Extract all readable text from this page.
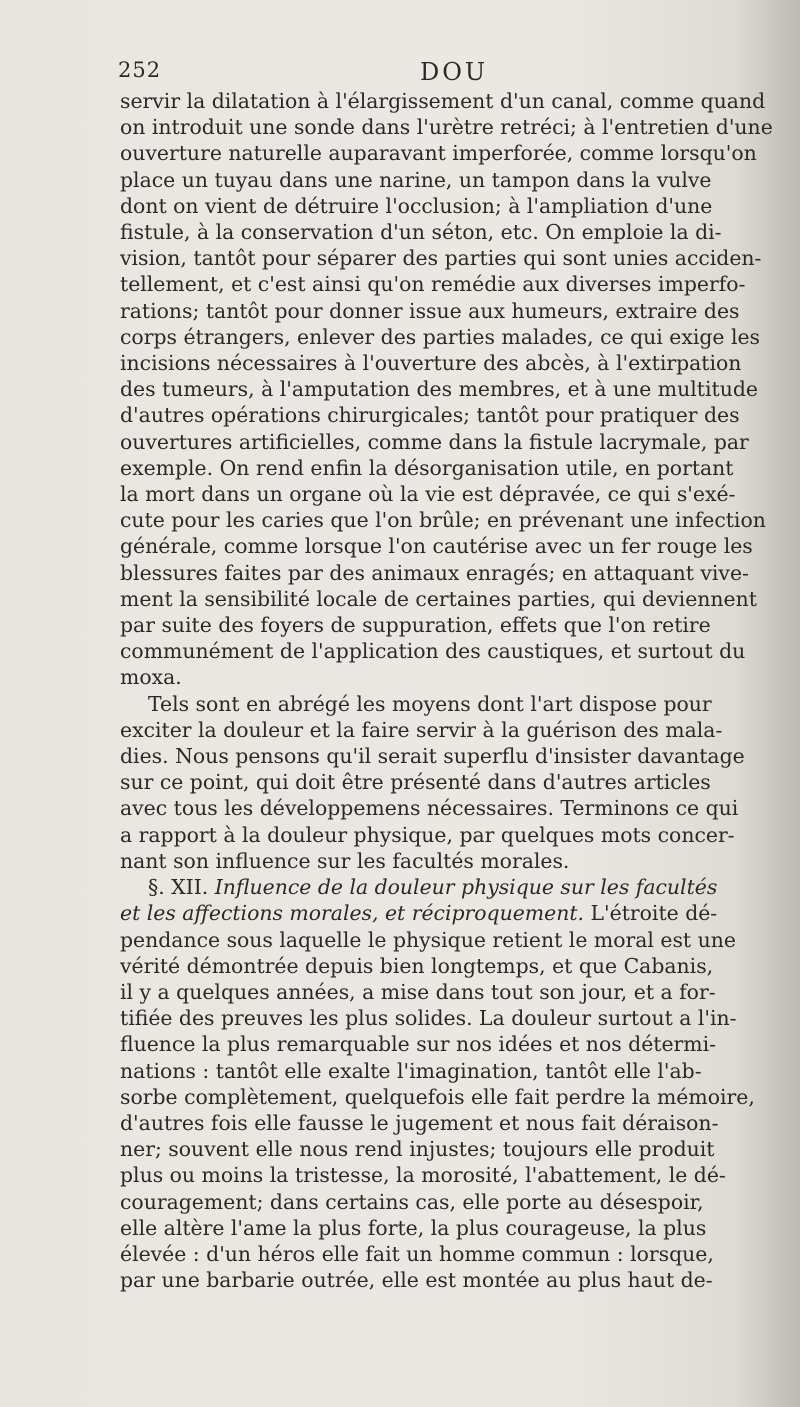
252	DOU
servir la dilatation à l'élargissement d'un canal, comme quand
on introduit une sonde dans l'urètre retréci; à l'entretien d'une
ouverture naturelle auparavant imperforée, comme lorsqu'on
place un tuyau dans une narine, un tampon dans la vulve
dont on vient de détruire l'occlusion; à l'ampliation d'une
fistule, à la conservation d'un séton, etc. On emploie la di-
vision, tantôt pour séparer des parties qui sont unies acciden-
tellement, et c'est ainsi qu'on remédie aux diverses imperfo-
rations; tantôt pour donner issue aux humeurs, extraire des
corps étrangers, enlever des parties malades, ce qui exige les
incisions nécessaires à l'ouverture des abcès, à l'extirpation
des tumeurs, à l'amputation des membres, et à une multitude
d'autres opérations chirurgicales; tantôt pour pratiquer des
ouvertures artificielles, comme dans la fistule lacrymale, par
exemple. On rend enfin la désorganisation utile, en portant
la mort dans un organe où la vie est dépravée, ce qui s'exé-
cute pour les caries que l'on brûle; en prévenant une infection
générale, comme lorsque l'on cautérise avec un fer rouge les
blessures faites par des animaux enragés; en attaquant vive-
ment la sensibilité locale de certaines parties, qui deviennent
par suite des foyers de suppuration, effets que l'on retire
communément de l'application des caustiques, et surtout du
moxa.
Tels sont en abrégé les moyens dont l'art dispose pour
exciter la douleur et la faire servir à la guérison des mala-
dies. Nous pensons qu'il serait superflu d'insister davantage
sur ce point, qui doit être présenté dans d'autres articles
avec tous les développemens nécessaires. Terminons ce qui
a rapport à la douleur physique, par quelques mots concer-
nant son influence sur les facultés morales.
§. XII. Influence de la douleur physique sur les facultés
et les affections morales, et réciproquement. L'étroite dé-
pendance sous laquelle le physique retient le moral est une
vérité démontrée depuis bien longtemps, et que Cabanis,
il y a quelques années, a mise dans tout son jour, et a for-
tifiée des preuves les plus solides. La douleur surtout a l'in-
fluence la plus remarquable sur nos idées et nos détermi-
nations : tantôt elle exalte l'imagination, tantôt elle l'ab-
sorbe complètement, quelquefois elle fait perdre la mémoire,
d'autres fois elle fausse le jugement et nous fait déraison-
ner; souvent elle nous rend injustes; toujours elle produit
plus ou moins la tristesse, la morosité, l'abattement, le dé-
couragement; dans certains cas, elle porte au désespoir,
elle altère l'ame la plus forte, la plus courageuse, la plus
élevée : d'un héros elle fait un homme commun : lorsque,
par une barbarie outrée, elle est montée au plus haut de-
